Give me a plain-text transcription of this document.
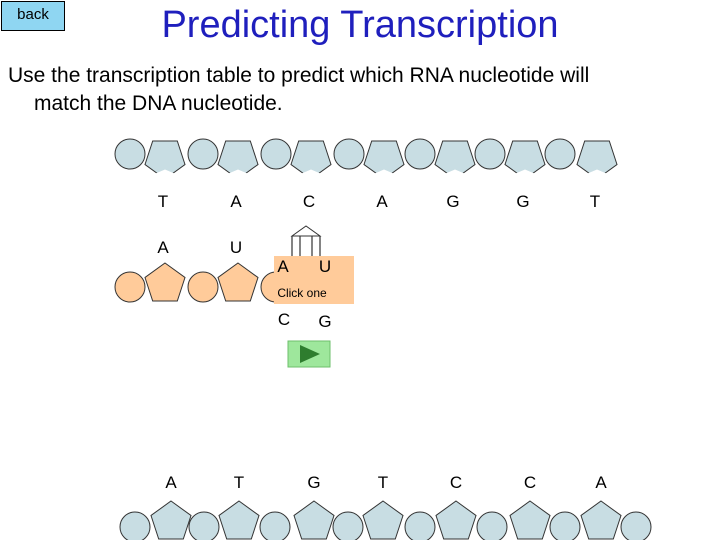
back	Predicting Transcription
Use the transcription table to predict which RNA nucleotide will
match the DNA nucleotide.
T	A	C	A	G	G	T
A	U
A U
C G
Click one
A	T	G	T	C	C	A
